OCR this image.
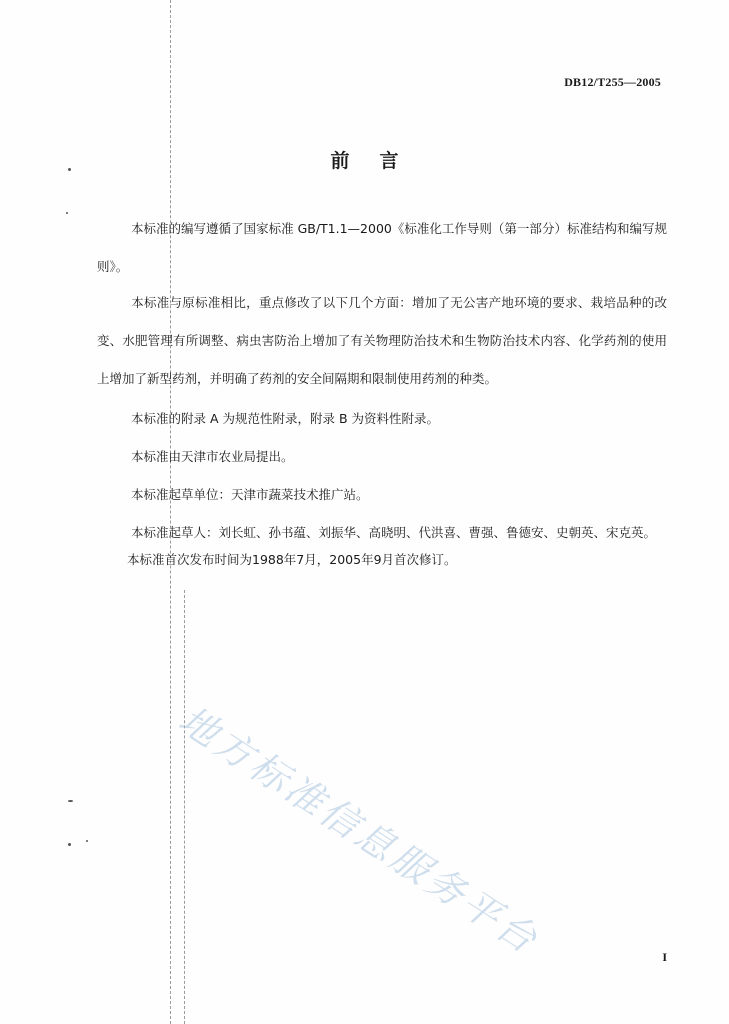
DB12/T255—2005
前言
本标准的编写遵循了国家标准 GB/T1.1—2000《标准化工作导则（第一部分）标准结构和编写规则》。
本标准与原标准相比，重点修改了以下几个方面：增加了无公害产地环境的要求、栽培品种的改变、水肥管理有所调整、病虫害防治上增加了有关物理防治技术和生物防治技术内容、化学药剂的使用上增加了新型药剂，并明确了药剂的安全间隔期和限制使用药剂的种类。
本标准的附录 A 为规范性附录，附录 B 为资料性附录。
本标准由天津市农业局提出。
本标准起草单位：天津市蔬菜技术推广站。
本标准起草人：刘长虹、孙书蕴、刘振华、高晓明、代洪喜、曹强、鲁德安、史朝英、宋克英。
本标准首次发布时间为1988年7月，2005年9月首次修订。
地方标准信息服务平台	I
